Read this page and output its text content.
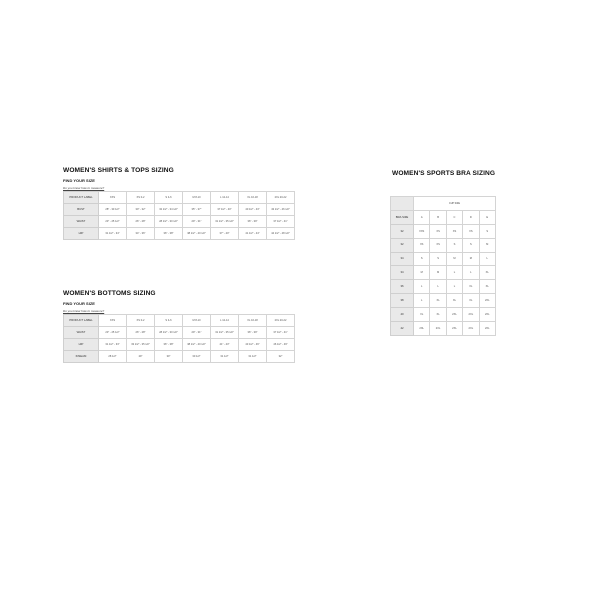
WOMEN'S SHIRTS & TOPS SIZING
FIND YOUR SIZE
Do you know how to measure?
PRODUCT LABEL	XXS	XS 0-2	S 4-6	M 8-10	L 12-14	XL 16-18	2XL 20-22
BUST	28" - 30 1/2"	30" - 32"	32 1/2" - 34 1/2"	35" - 37"	37 1/2" - 40"	40 1/2" - 43"	43 1/2" - 46 1/2"
WAIST	23" - 25 1/2"	26" - 28"	28 1/2" - 30 1/2"	29" - 31"	31 1/2" - 35 1/2"	36" - 39"	37 1/2" - 41"
HIP	31 1/2" - 34"	34" - 36"	36" - 38"	38 1/2" - 40 1/2"	37" - 40"	41 1/2" - 44"	44 1/2" - 48 1/2"
WOMEN'S BOTTOMS SIZING
FIND YOUR SIZE
Do you know how to measure?
PRODUCT LABEL	XXS	XS 0-2	S 4-6	M 8-10	L 12-14	XL 16-18	2XL 20-22
WAIST	23" - 25 1/2"	26" - 28"	28 1/2" - 30 1/2"	29" - 31"	31 1/2" - 35 1/2"	36" - 39"	37 1/2" - 41"
HIP	31 1/2" - 33"	33 1/2" - 35 1/2"	36" - 38"	38 1/2" - 40 1/2"	41" - 43"	43 1/2" - 46"	46 1/2" - 49"
INSEAM	28 1/2"	29"	30"	30 1/2"	31 1/2"	31 1/2"	32"
WOMEN'S SPORTS BRA SIZING
	CUP SIZE				
BRA SIZE	A	B	C	D	E
32	XXS	XS	XS	XS	S
32	XS	XS	S	S	M
34	S	S	M	M	L
34	M	M	L	L	XL
36	L	L	L	XL	XL
38	L	XL	XL	XL	2XL
40	XL	XL	2XL	2XL	2XL
42	2XL	2XL	2XL	2XL	2XL
